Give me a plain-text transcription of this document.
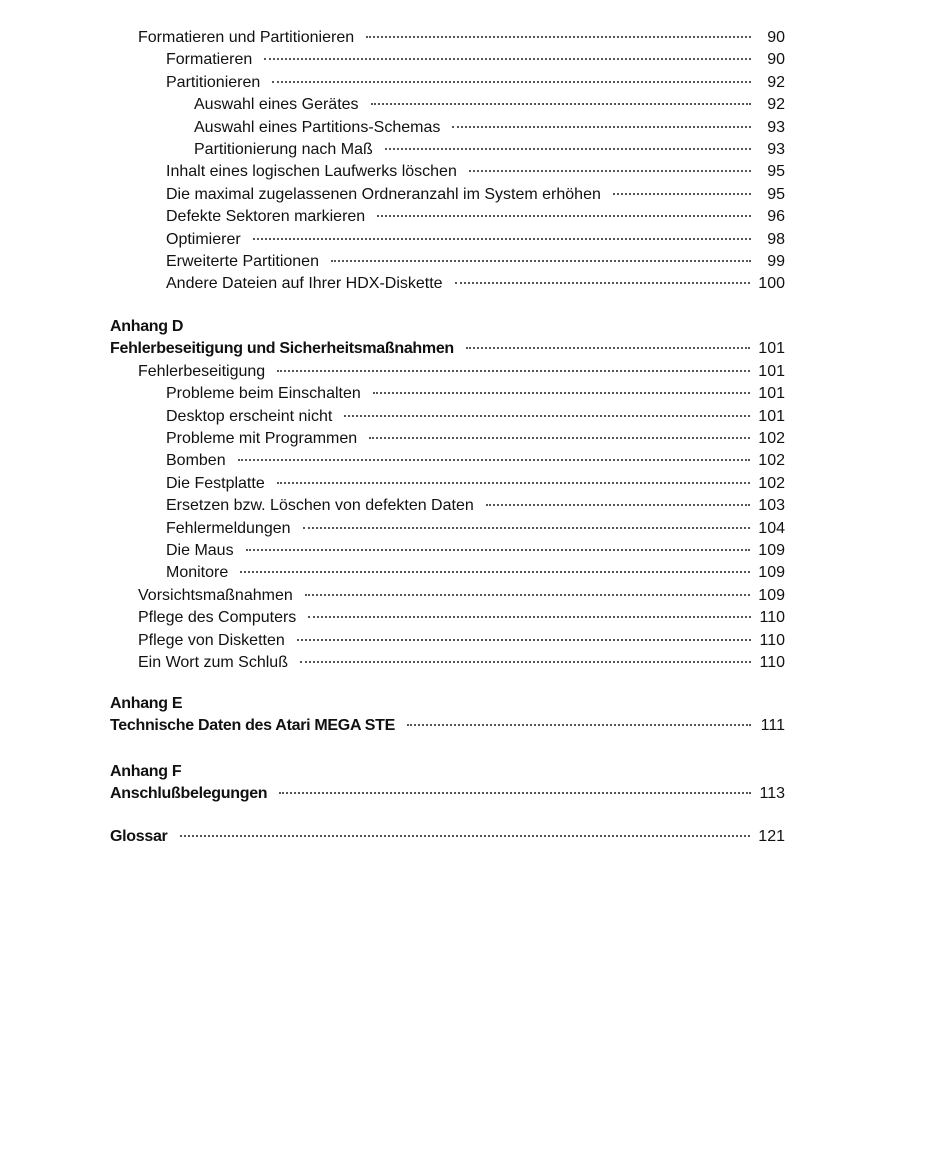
Formatieren und Partitionieren	90
Formatieren	90
Partitionieren	92
Auswahl eines Gerätes	92
Auswahl eines Partitions-Schemas	93
Partitionierung nach Maß	93
Inhalt eines logischen Laufwerks löschen	95
Die maximal zugelassenen Ordneranzahl im System erhöhen	95
Defekte Sektoren markieren	96
Optimierer	98
Erweiterte Partitionen	99
Andere Dateien auf Ihrer HDX-Diskette	100
Anhang D
Fehlerbeseitigung und Sicherheitsmaßnahmen	101
Fehlerbeseitigung	101
Probleme beim Einschalten	101
Desktop erscheint nicht	101
Probleme mit Programmen	102
Bomben	102
Die Festplatte	102
Ersetzen bzw. Löschen von defekten Daten	103
Fehlermeldungen	104
Die Maus	109
Monitore	109
Vorsichtsmaßnahmen	109
Pflege des Computers	110
Pflege von Disketten	110
Ein Wort zum Schluß	110
Anhang E
Technische Daten des Atari MEGA STE	111
Anhang F
Anschlußbelegungen	113
Glossar	121
